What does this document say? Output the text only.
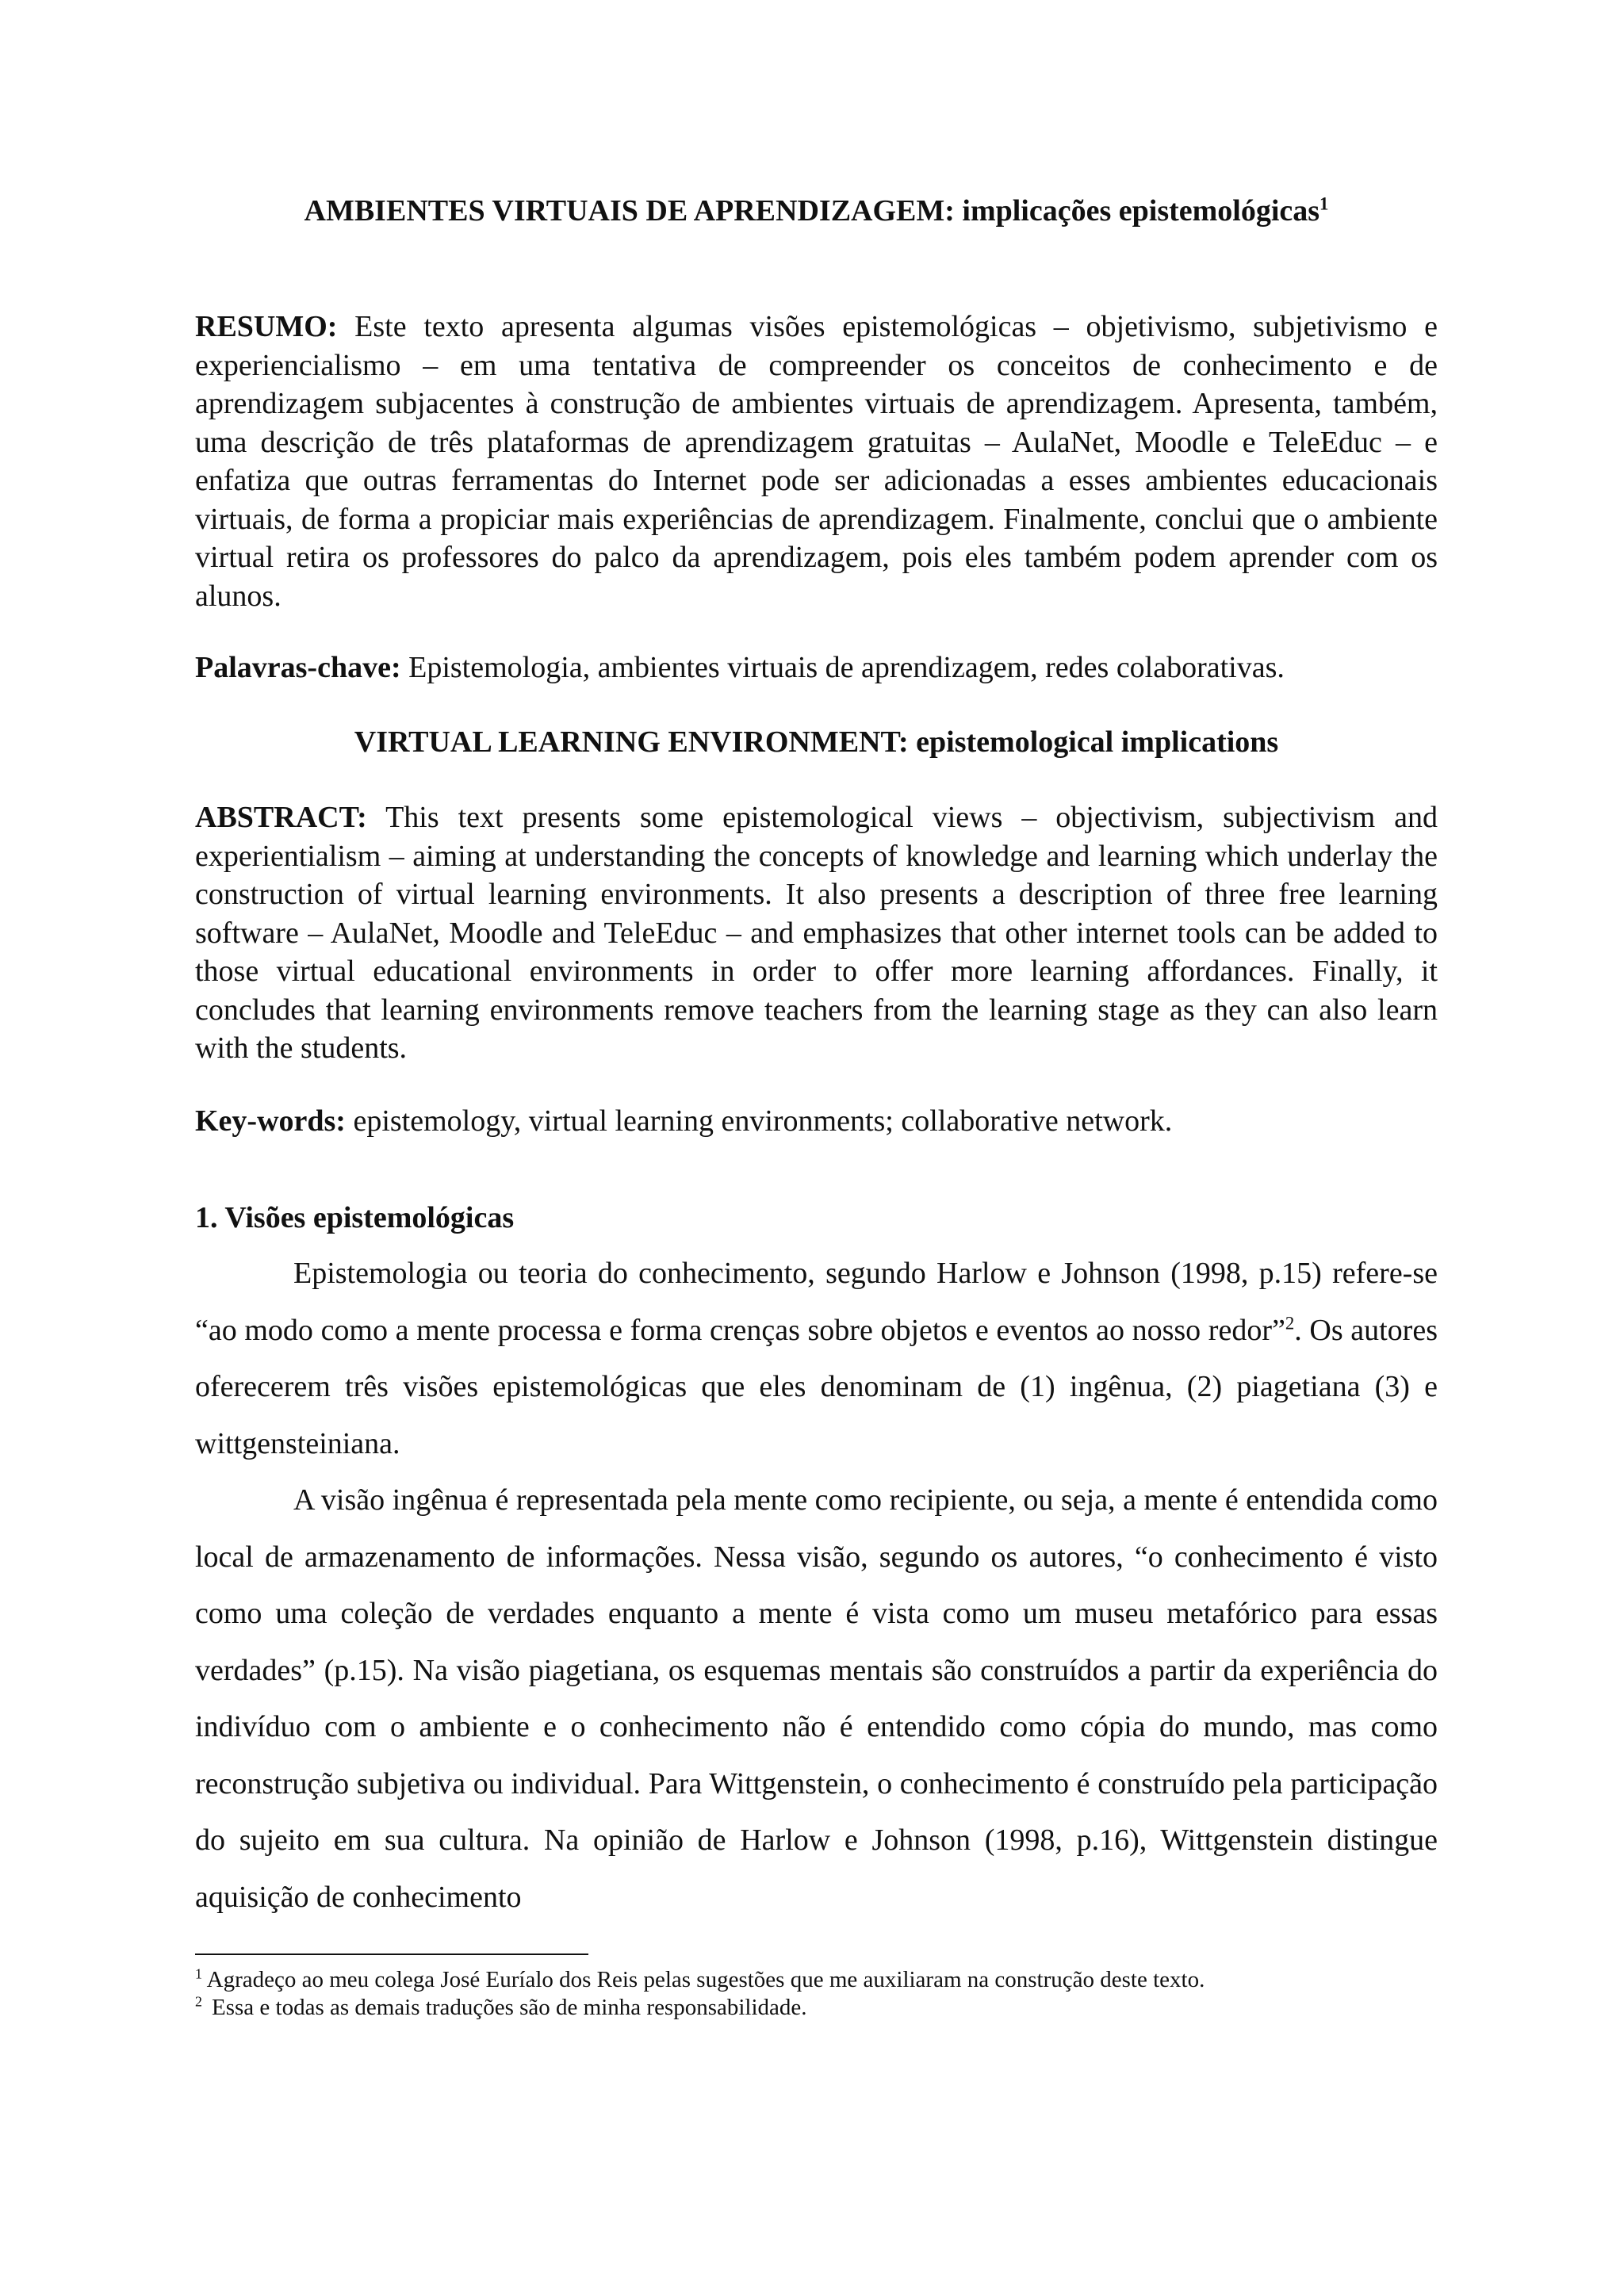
AMBIENTES VIRTUAIS DE APRENDIZAGEM: implicações epistemológicas$^1$

RESUMO: Este texto apresenta algumas visões epistemológicas – objetivismo, subjetivismo e experiencialismo – em uma tentativa de compreender os conceitos de conhecimento e de aprendizagem subjacentes à construção de ambientes virtuais de aprendizagem. Apresenta, também, uma descrição de três plataformas de aprendizagem gratuitas – AulaNet, Moodle e TeleEduc – e enfatiza que outras ferramentas do Internet pode ser adicionadas a esses ambientes educacionais virtuais, de forma a propiciar mais experiências de aprendizagem. Finalmente, conclui que o ambiente virtual retira os professores do palco da aprendizagem, pois eles também podem aprender com os alunos.

Palavras-chave: Epistemologia, ambientes virtuais de aprendizagem, redes colaborativas.

VIRTUAL LEARNING ENVIRONMENT: epistemological implications

ABSTRACT: This text presents some epistemological views – objectivism, subjectivism and experientialism – aiming at understanding the concepts of knowledge and learning which underlay the construction of virtual learning environments. It also presents a description of three free learning software – AulaNet, Moodle and TeleEduc – and emphasizes that other internet tools can be added to those virtual educational environments in order to offer more learning affordances. Finally, it concludes that learning environments remove teachers from the learning stage as they can also learn with the students.

Key-words: epistemology, virtual learning environments; collaborative network.

1. Visões epistemológicas

Epistemologia ou teoria do conhecimento, segundo Harlow e Johnson (1998, p.15) refere-se “ao modo como a mente processa e forma crenças sobre objetos e eventos ao nosso redor”$^2$. Os autores oferecerem três visões epistemológicas que eles denominam de (1) ingênua, (2) piagetiana (3) e wittgensteiniana.

A visão ingênua é representada pela mente como recipiente, ou seja, a mente é entendida como local de armazenamento de informações. Nessa visão, segundo os autores, “o conhecimento é visto como uma coleção de verdades enquanto a mente é vista como um museu metafórico para essas verdades” (p.15). Na visão piagetiana, os esquemas mentais são construídos a partir da experiência do indivíduo com o ambiente e o conhecimento não é entendido como cópia do mundo, mas como reconstrução subjetiva ou individual. Para Wittgenstein, o conhecimento é construído pela participação do sujeito em sua cultura. Na opinião de Harlow e Johnson (1998, p.16), Wittgenstein distingue aquisição de conhecimento

$^1$ Agradeço ao meu colega José Euríalo dos Reis pelas sugestões que me auxiliaram na construção deste texto.

$^2$ Essa e todas as demais traduções são de minha responsabilidade.
